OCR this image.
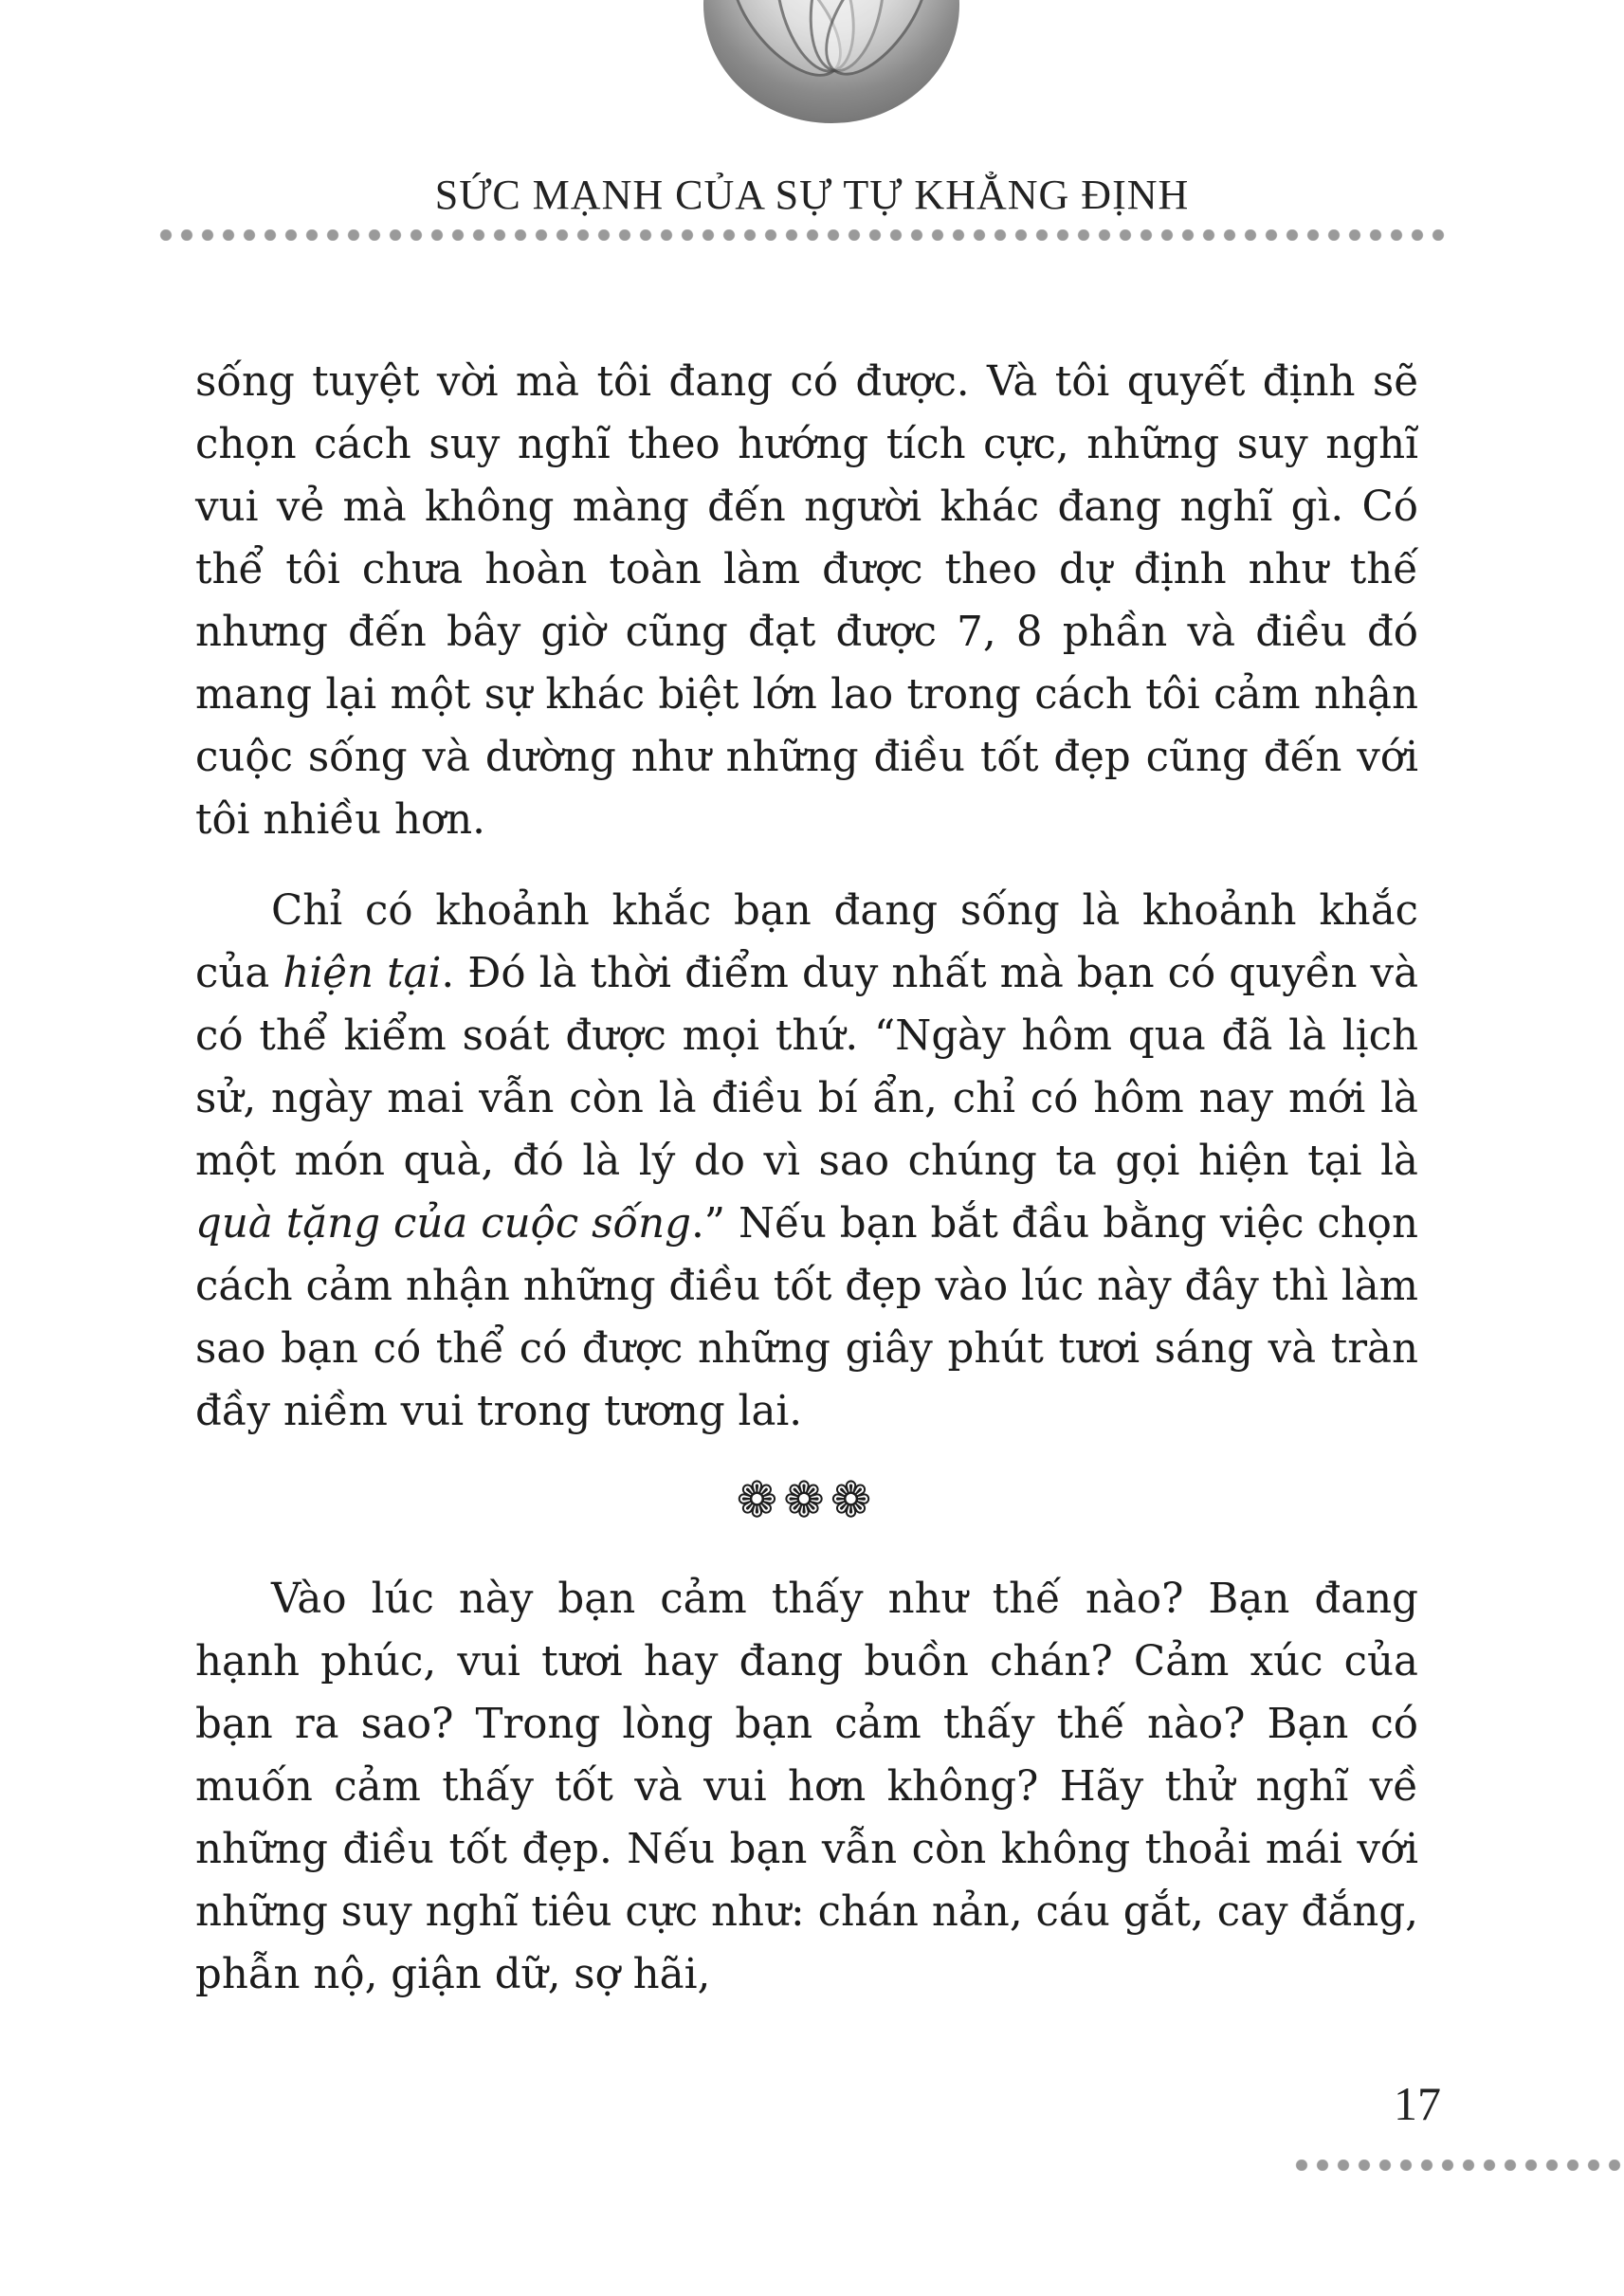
SỨC MẠNH CỦA SỰ TỰ KHẲNG ĐỊNH

sống tuyệt vời mà tôi đang có được. Và tôi quyết định sẽ chọn cách suy nghĩ theo hướng tích cực, những suy nghĩ vui vẻ mà không màng đến người khác đang nghĩ gì. Có thể tôi chưa hoàn toàn làm được theo dự định như thế nhưng đến bây giờ cũng đạt được 7, 8 phần và điều đó mang lại một sự khác biệt lớn lao trong cách tôi cảm nhận cuộc sống và dường như những điều tốt đẹp cũng đến với tôi nhiều hơn.

Chỉ có khoảnh khắc bạn đang sống là khoảnh khắc của hiện tại. Đó là thời điểm duy nhất mà bạn có quyền và có thể kiểm soát được mọi thứ. “Ngày hôm qua đã là lịch sử, ngày mai vẫn còn là điều bí ẩn, chỉ có hôm nay mới là một món quà, đó là lý do vì sao chúng ta gọi hiện tại là quà tặng của cuộc sống.” Nếu bạn bắt đầu bằng việc chọn cách cảm nhận những điều tốt đẹp vào lúc này đây thì làm sao bạn có thể có được những giây phút tươi sáng và tràn đầy niềm vui trong tương lai.

❁❁❁

Vào lúc này bạn cảm thấy như thế nào? Bạn đang hạnh phúc, vui tươi hay đang buồn chán? Cảm xúc của bạn ra sao? Trong lòng bạn cảm thấy thế nào? Bạn có muốn cảm thấy tốt và vui hơn không? Hãy thử nghĩ về những điều tốt đẹp. Nếu bạn vẫn còn không thoải mái với những suy nghĩ tiêu cực như: chán nản, cáu gắt, cay đắng, phẫn nộ, giận dữ, sợ hãi,

17
